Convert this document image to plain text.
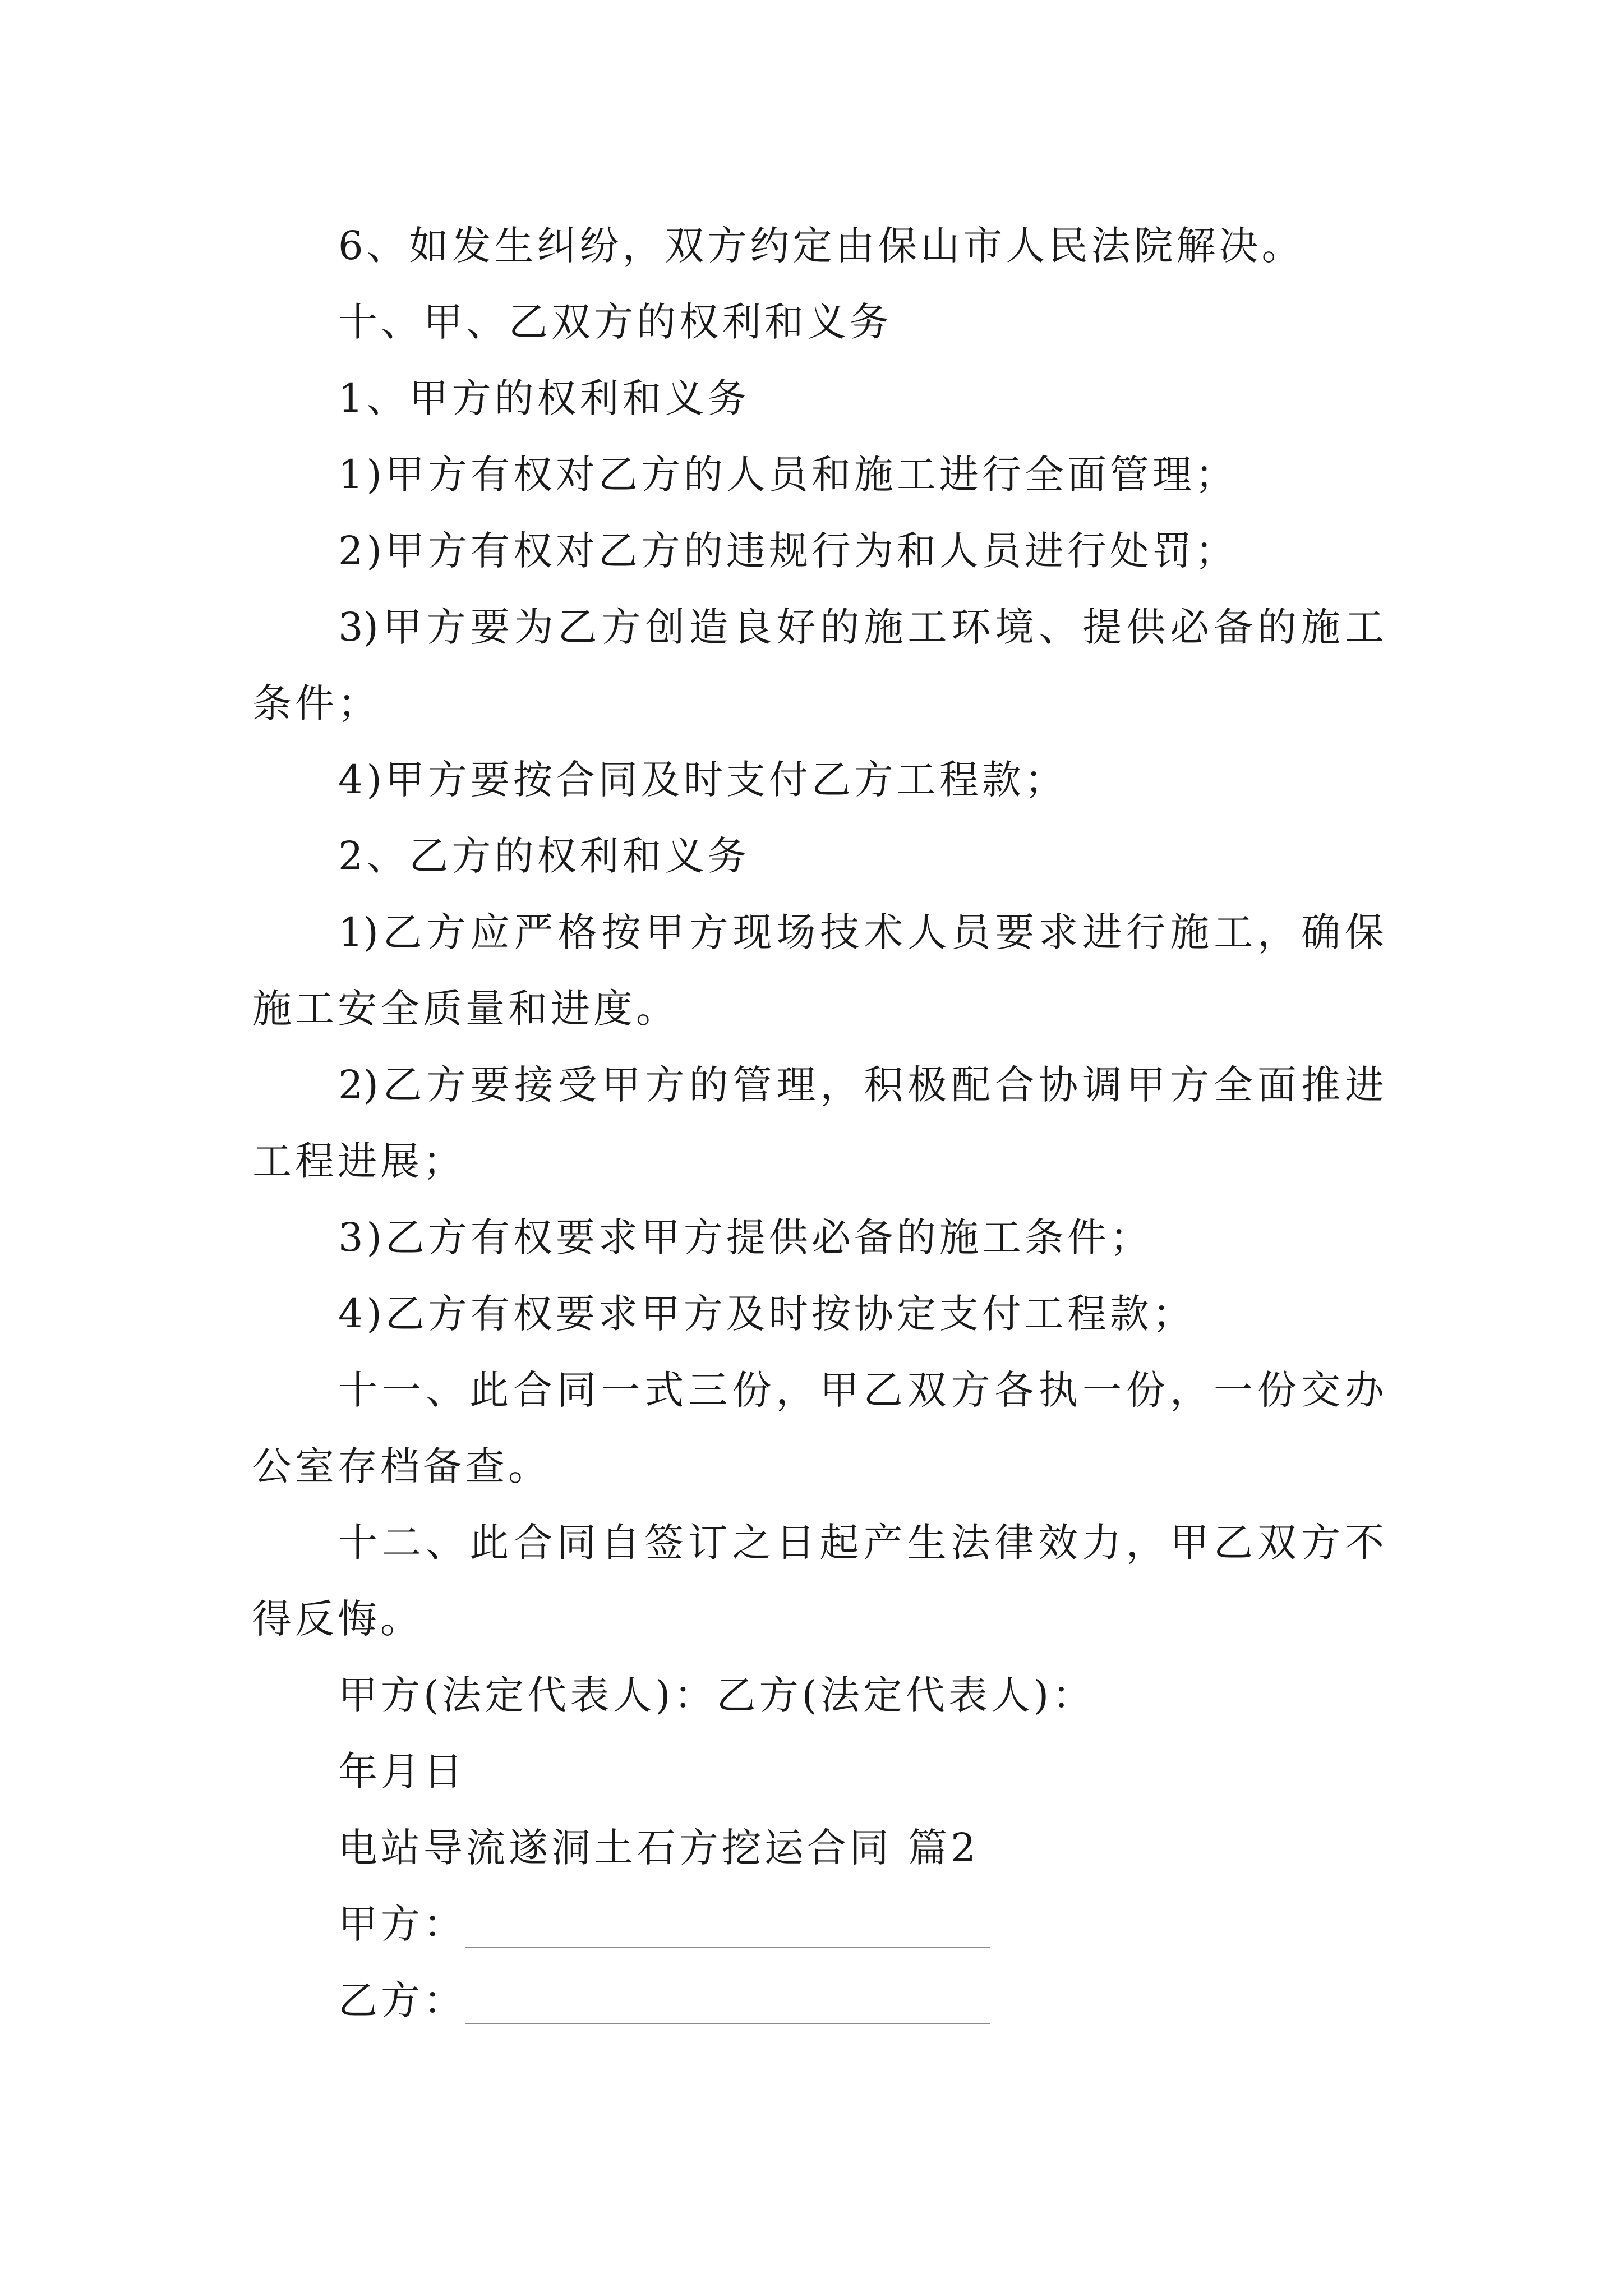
6、如发生纠纷，双方约定由保山市人民法院解决。
十、甲、乙双方的权利和义务
1、甲方的权利和义务
1)甲方有权对乙方的人员和施工进行全面管理；
2)甲方有权对乙方的违规行为和人员进行处罚；
3)甲方要为乙方创造良好的施工环境、提供必备的施工
条件；
4)甲方要按合同及时支付乙方工程款；
2、乙方的权利和义务
1)乙方应严格按甲方现场技术人员要求进行施工，确保
施工安全质量和进度。
2)乙方要接受甲方的管理，积极配合协调甲方全面推进
工程进展；
3)乙方有权要求甲方提供必备的施工条件；
4)乙方有权要求甲方及时按协定支付工程款；
十一、此合同一式三份，甲乙双方各执一份，一份交办
公室存档备查。
十二、此合同自签订之日起产生法律效力，甲乙双方不
得反悔。
甲方(法定代表人)：乙方(法定代表人)：
年月日
电站导流遂洞土石方挖运合同 篇2
甲方：
乙方：
